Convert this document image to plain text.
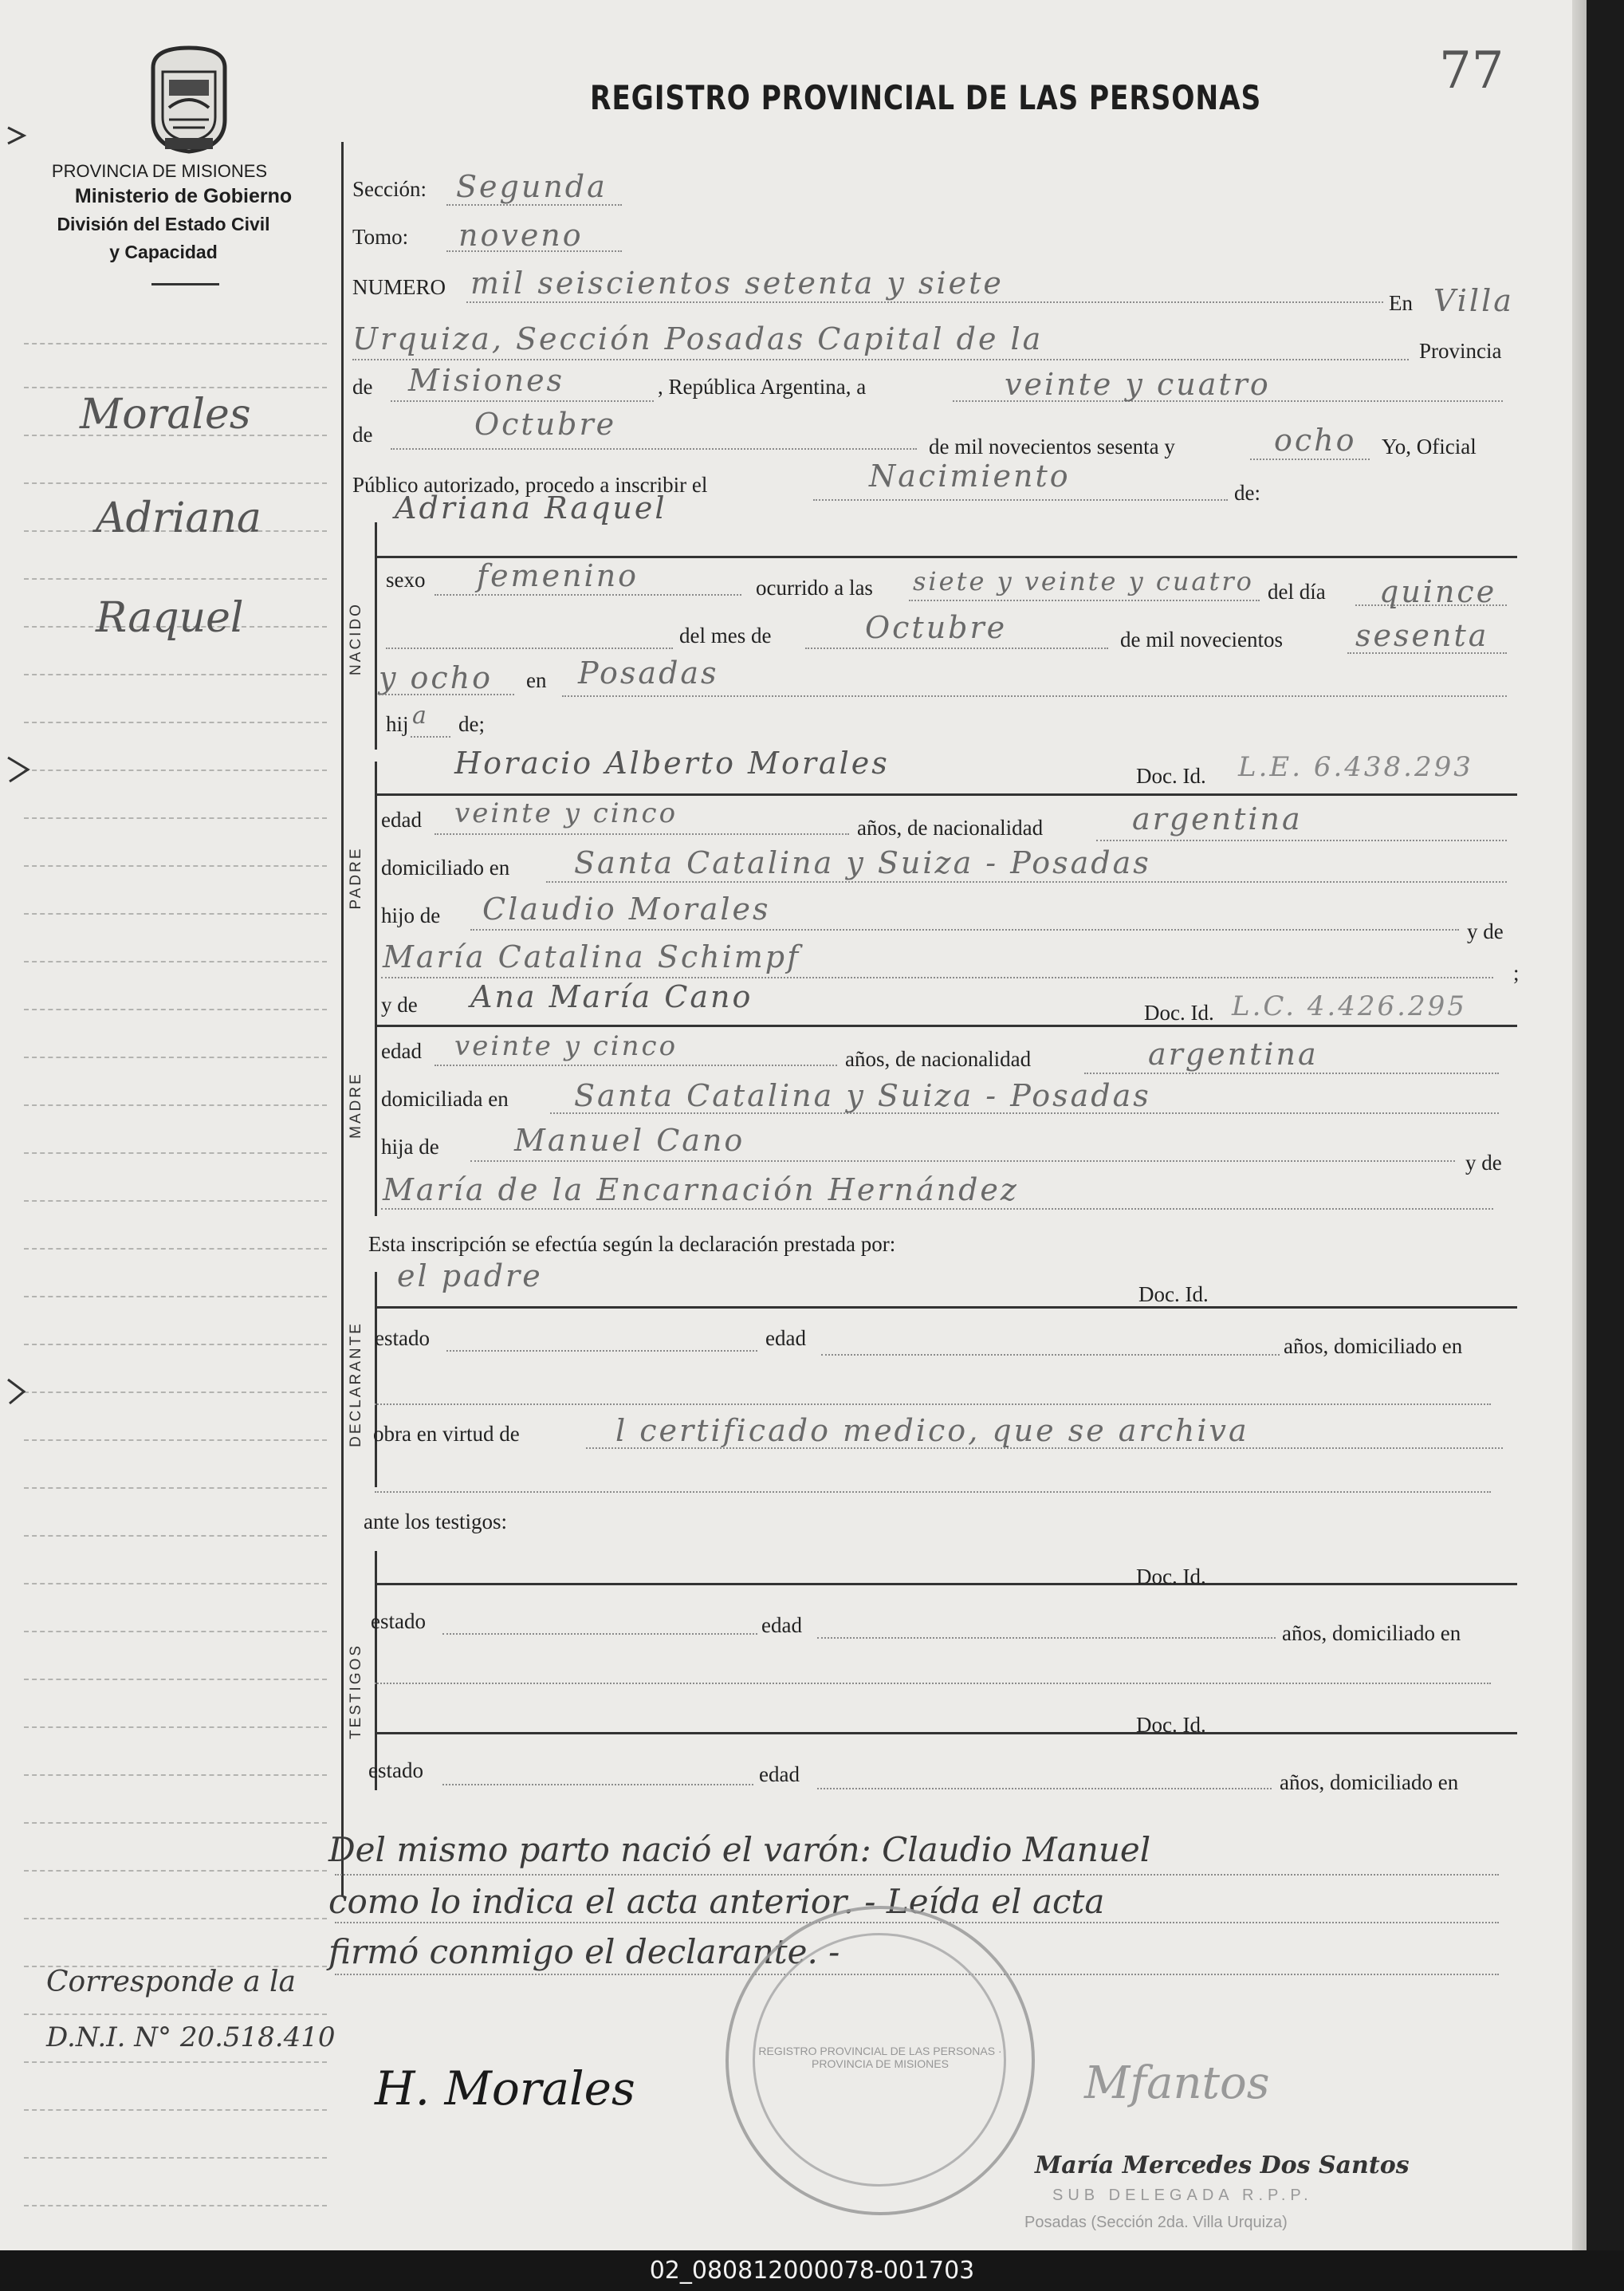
PROVINCIA DE MISIONES
Ministerio de Gobierno
División del Estado Civil
y Capacidad
REGISTRO PROVINCIAL DE LAS PERSONAS	77
Sección: Segunda
Tomo: noveno
NUMERO mil seiscientos setenta y siete
En Villa
Urquiza, Sección Posadas Capital de la	Provincia
de Misiones	, República Argentina, a	veinte y cuatro
de	Octubre
de mil novecientos sesenta y	ocho Yo, Oficial
Público autorizado, procedo a inscribir el	Nacimiento	de:
Adriana Raquel
NACIDO
sexo femenino	ocurrido a las siete y veinte y cuatro del día quince
del mes de	Octubre	de mil novecientos sesenta
y ocho en Posadas
hij a de;
Horacio Alberto Morales	Doc. Id. L.E. 6.438.293
PADRE
edad veinte y cinco	años, de nacionalidad	argentina
domiciliado en Santa Catalina y Suiza - Posadas
hijo de Claudio Morales
y de
María Catalina Schimpf	;
y de Ana María Cano	Doc. Id. L.C. 4.426.295
MADRE
edad veinte y cinco	años, de nacionalidad	argentina
domiciliada en Santa Catalina y Suiza - Posadas
hija de Manuel Cano
y de
María de la Encarnación Hernández
Esta inscripción se efectúa según la declaración prestada por:
el padre
Doc. Id.
DECLARANTE estado	edad	años, domiciliado en
obra en virtud de	l certificado medico, que se archiva
ante los testigos:
Doc. Id.
TESTIGOS
estado	edad	años, domiciliado en
Doc. Id.
estado	edad	años, domiciliado en
Del mismo parto nació el varón: Claudio Manuel
como lo indica el acta anterior. - Leída el acta
firmó conmigo el declarante. -
Morales
Adriana
Raquel
Corresponde a la
D.N.I. N° 20.518.410	REGISTRO PROVINCIAL DE LAS PERSONAS · PROVINCIA DE MISIONES
H. Morales	Mfantos
María Mercedes Dos Santos
SUB DELEGADA R.P.P.
Posadas (Sección 2da. Villa Urquiza)
02_080812000078-001703
